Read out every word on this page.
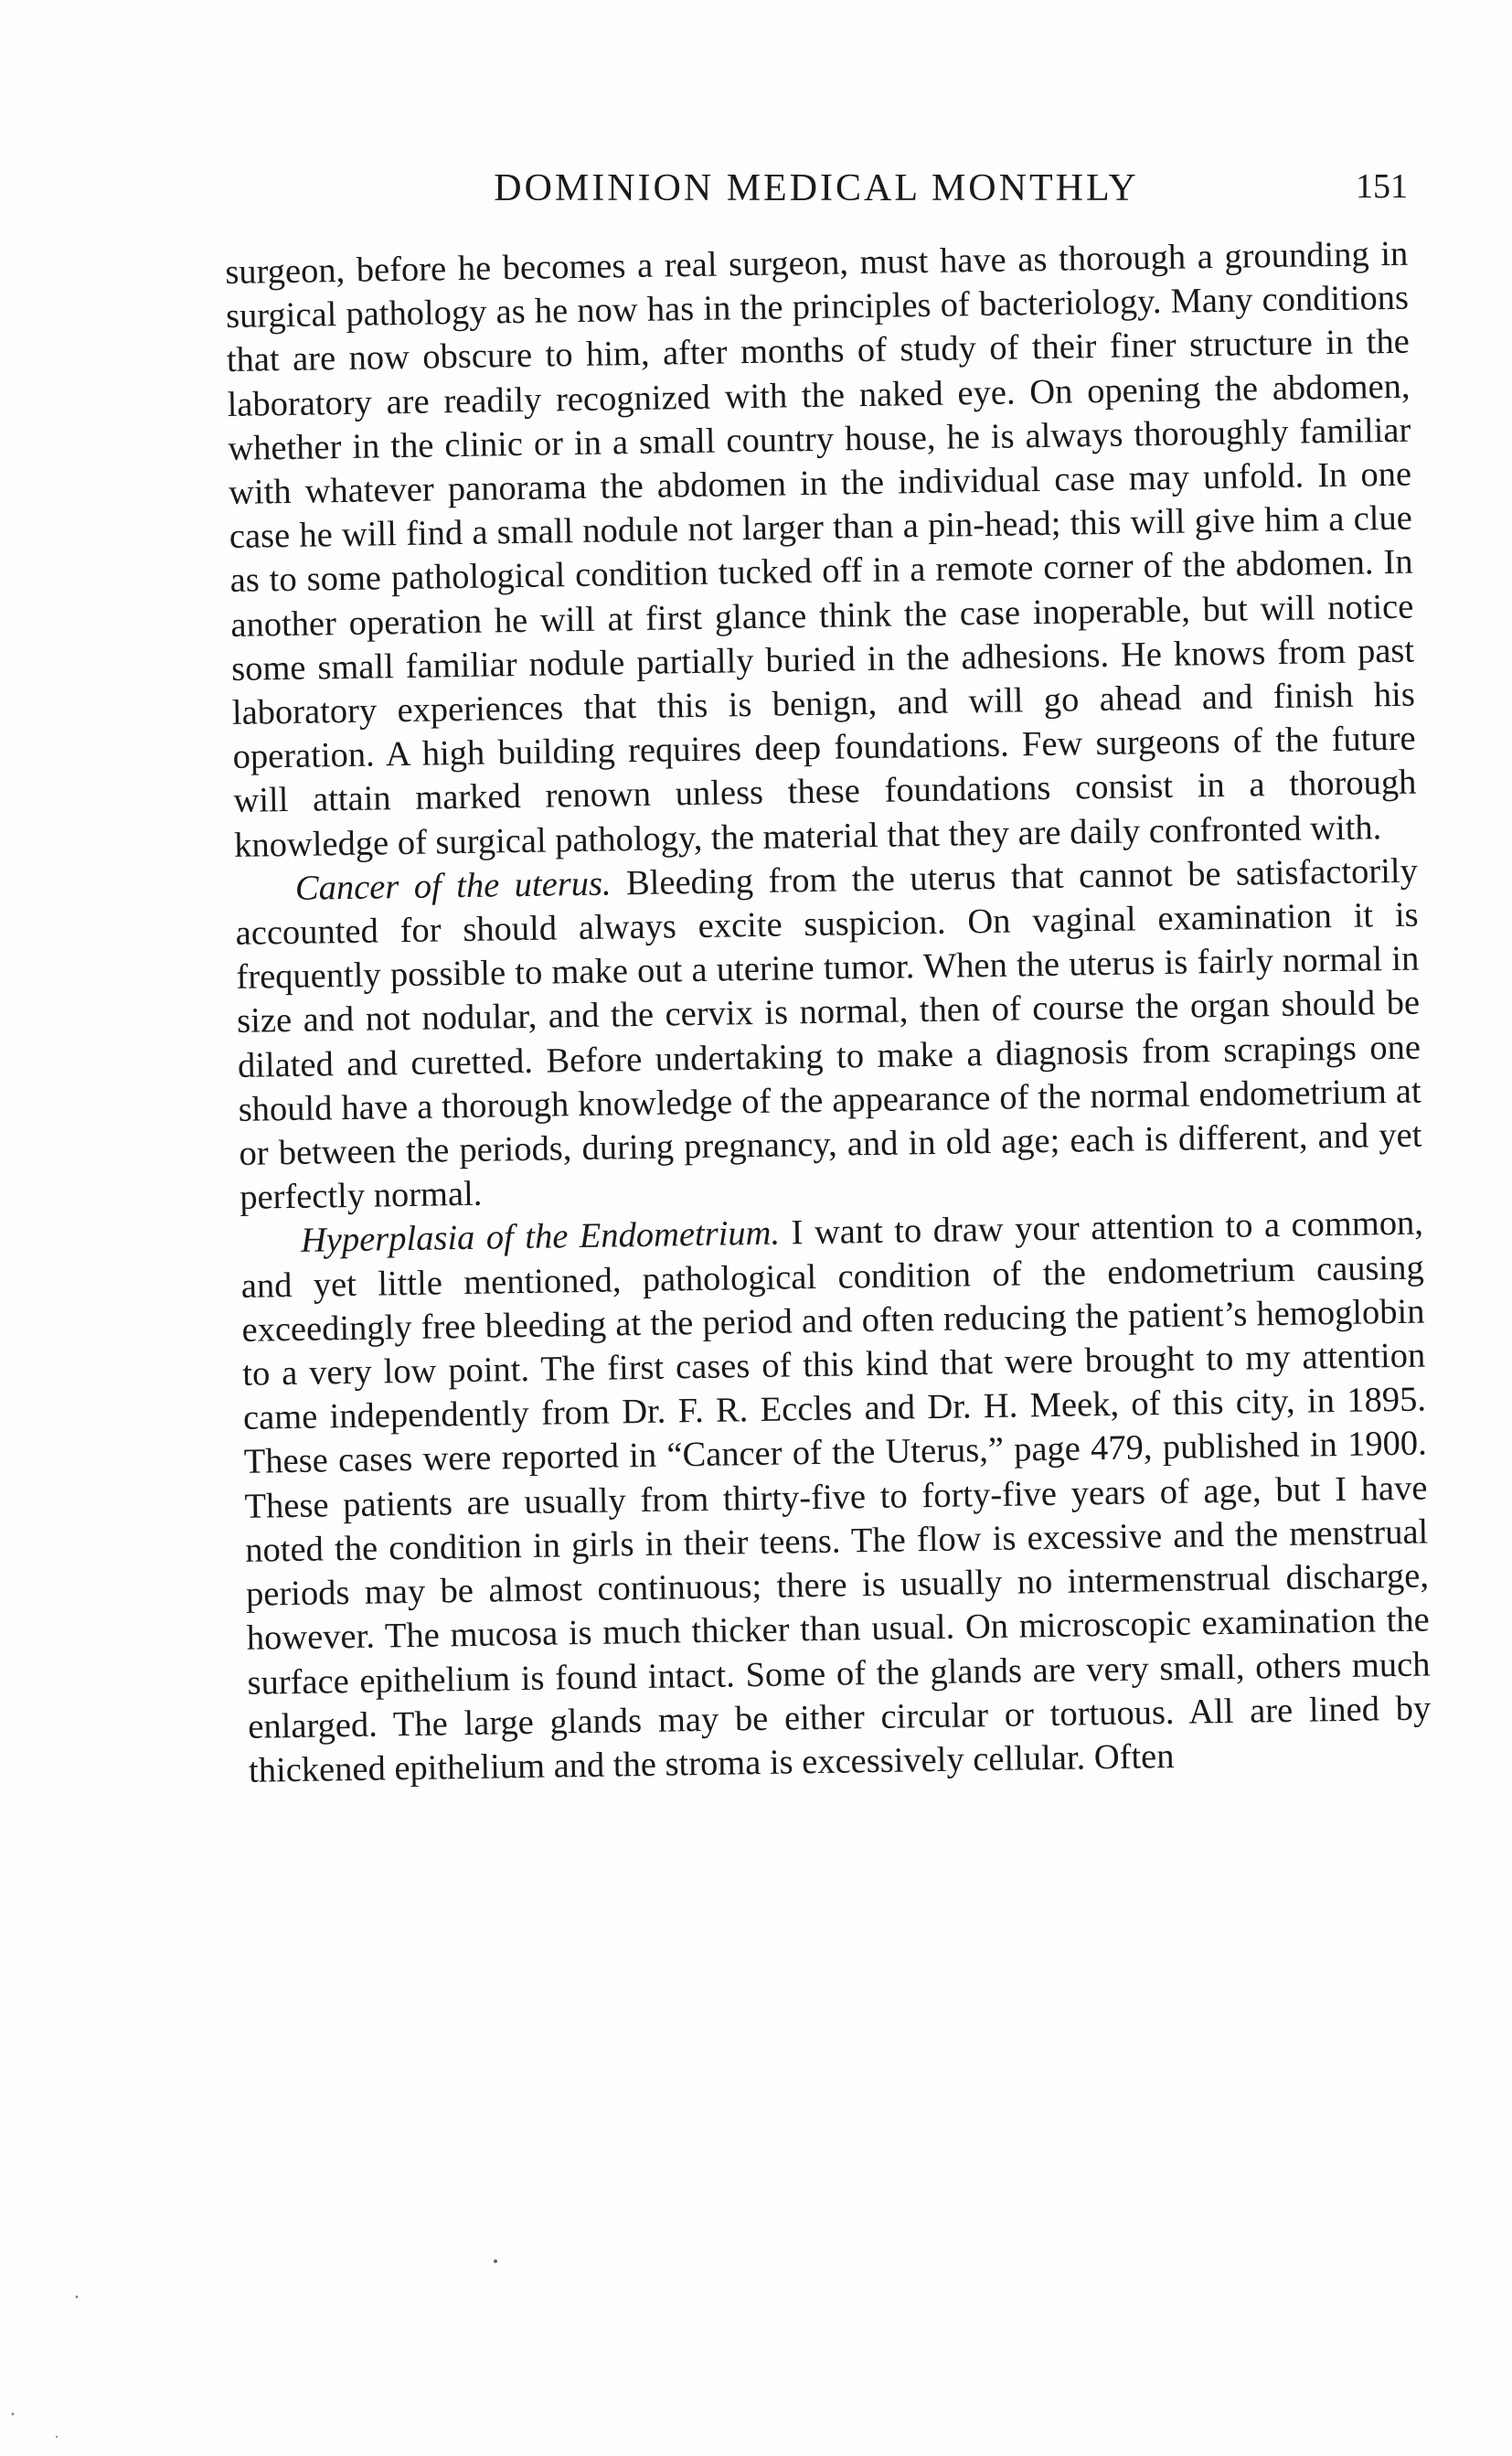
DOMINION MEDICAL MONTHLY	151

surgeon, before he becomes a real surgeon, must have as thorough a grounding in surgical pathology as he now has in the principles of bacteriology. Many conditions that are now obscure to him, after months of study of their finer structure in the laboratory are readily recognized with the naked eye. On opening the abdomen, whether in the clinic or in a small country house, he is always thoroughly familiar with whatever panorama the abdomen in the individual case may unfold. In one case he will find a small nodule not larger than a pin-head; this will give him a clue as to some pathological condition tucked off in a remote corner of the abdomen. In another operation he will at first glance think the case inoperable, but will notice some small familiar nodule partially buried in the adhesions. He knows from past laboratory experiences that this is benign, and will go ahead and finish his operation. A high building requires deep foundations. Few surgeons of the future will attain marked renown unless these foundations consist in a thorough knowledge of surgical pathology, the material that they are daily confronted with.

Cancer of the uterus. Bleeding from the uterus that cannot be satisfactorily accounted for should always excite suspicion. On vaginal examination it is frequently possible to make out a uterine tumor. When the uterus is fairly normal in size and not nodular, and the cervix is normal, then of course the organ should be dilated and curetted. Before undertaking to make a diagnosis from scrapings one should have a thorough knowledge of the appearance of the normal endometrium at or between the periods, during pregnancy, and in old age; each is different, and yet perfectly normal.

Hyperplasia of the Endometrium. I want to draw your attention to a common, and yet little mentioned, pathological condition of the endometrium causing exceedingly free bleeding at the period and often reducing the patient’s hemoglobin to a very low point. The first cases of this kind that were brought to my attention came independently from Dr. F. R. Eccles and Dr. H. Meek, of this city, in 1895. These cases were reported in “Cancer of the Uterus,” page 479, published in 1900. These patients are usually from thirty-five to forty-five years of age, but I have noted the condition in girls in their teens. The flow is excessive and the menstrual periods may be almost continuous; there is usually no intermenstrual discharge, however. The mucosa is much thicker than usual. On microscopic examination the surface epithelium is found intact. Some of the glands are very small, others much enlarged. The large glands may be either circular or tortuous. All are lined by thickened epithelium and the stroma is excessively cellular. Often
